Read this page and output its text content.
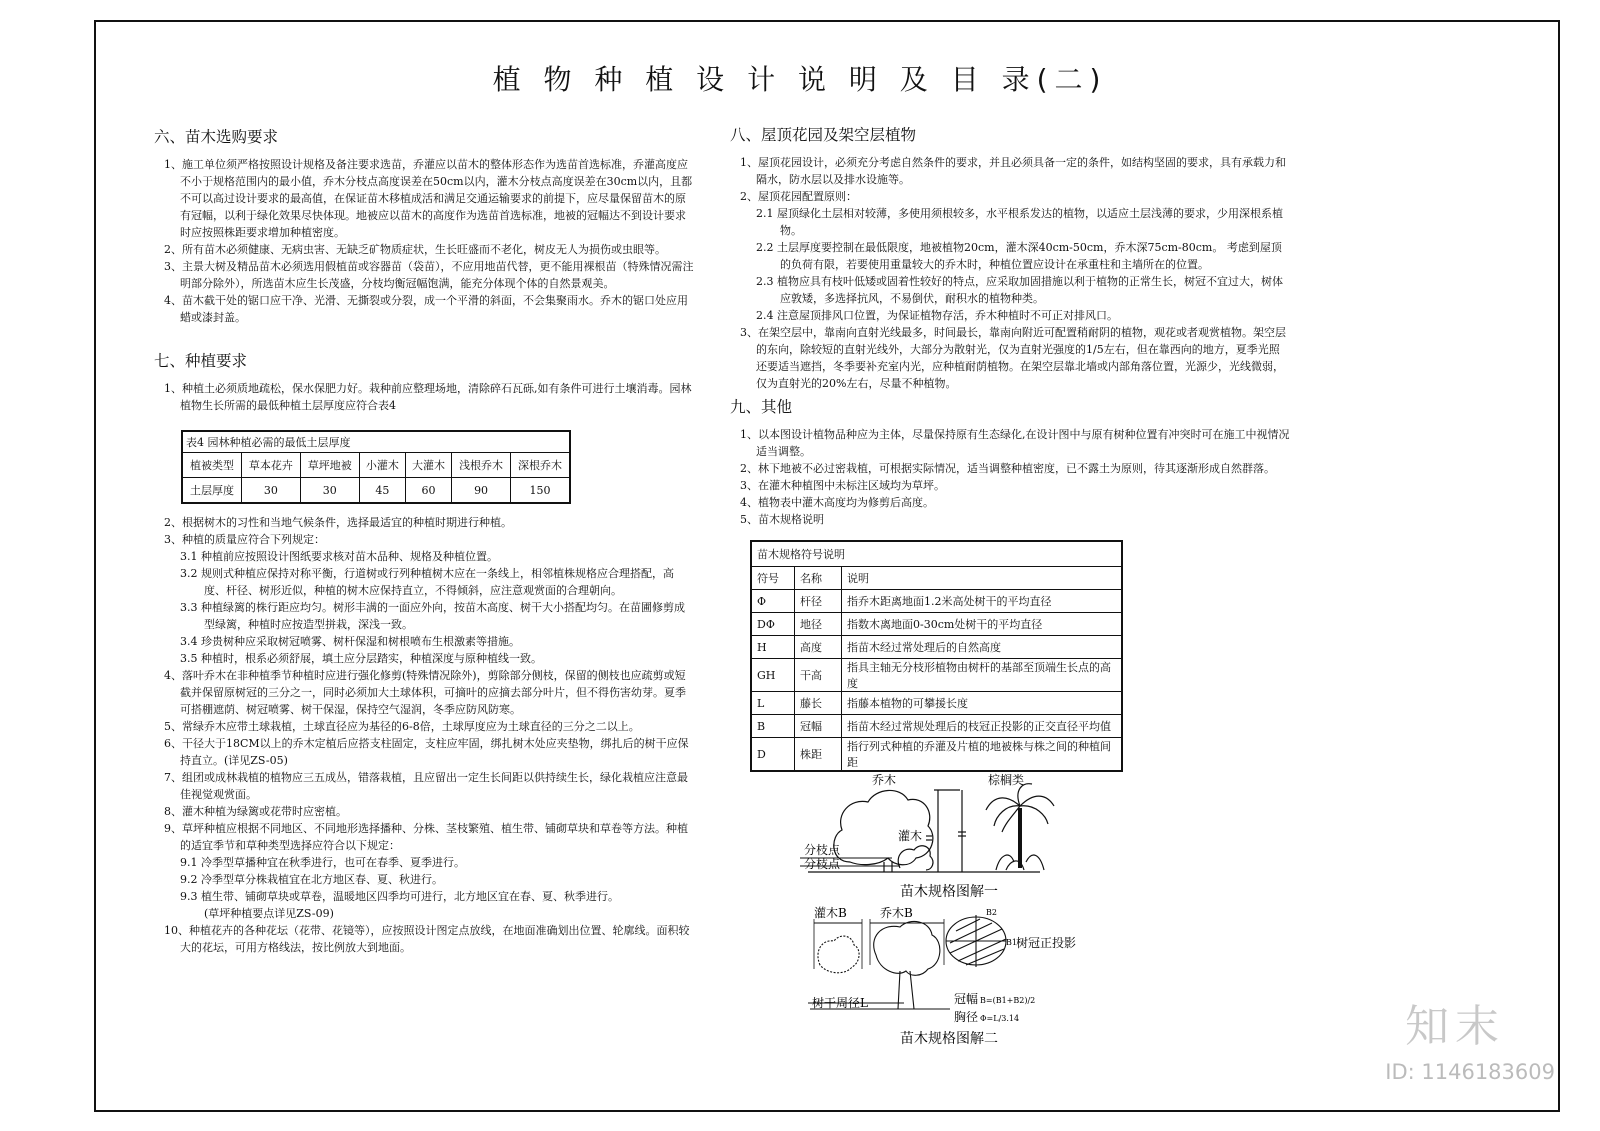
植 物 种 植 设 计 说 明 及 目 录(二)
六、苗木选购要求

1、施工单位须严格按照设计规格及备注要求选苗，乔灌应以苗木的整体形态作为选苗首选标准，乔灌高度应不小于规格范围内的最小值，乔木分枝点高度误差在50cm以内，灌木分枝点高度误差在30cm以内，且都不可以高过设计要求的最高值，在保证苗木移植成活和满足交通运输要求的前提下，应尽量保留苗木的原有冠幅，以利于绿化效果尽快体现。地被应以苗木的高度作为选苗首选标准，地被的冠幅达不到设计要求时应按照株距要求增加种植密度。

2、所有苗木必须健康、无病虫害、无缺乏矿物质症状，生长旺盛而不老化，树皮无人为损伤或虫眼等。

3、主景大树及精品苗木必须选用假植苗或容器苗（袋苗），不应用地苗代替，更不能用裸根苗（特殊情况需注明部分除外），所选苗木应生长茂盛，分枝均衡冠幅饱满，能充分体现个体的自然景观美。

4、苗木截干处的锯口应干净、光滑、无撕裂或分裂，成一个平滑的斜面，不会集聚雨水。乔木的锯口处应用蜡或漆封盖。

七、种植要求

1、种植土必须质地疏松，保水保肥力好。栽种前应整理场地，清除碎石瓦砾,如有条件可进行土壤消毒。园林植物生长所需的最低种植土层厚度应符合表4

表4 园林种植必需的最低土层厚度						
植被类型	草本花卉	草坪地被	小灌木	大灌木	浅根乔木	深根乔木
土层厚度	30	30	45	60	90	150

2、根据树木的习性和当地气候条件，选择最适宜的种植时期进行种植。

3、种植的质量应符合下列规定：

3.1 种植前应按照设计图纸要求核对苗木品种、规格及种植位置。

3.2 规则式种植应保持对称平衡，行道树或行列种植树木应在一条线上，相邻植株规格应合理搭配，高度、杆径、树形近似，种植的树木应保持直立，不得倾斜，应注意观赏面的合理朝向。

3.3 种植绿篱的株行距应均匀。树形丰满的一面应外向，按苗木高度、树干大小搭配均匀。在苗圃修剪成型绿篱，种植时应按造型拼栽，深浅一致。

3.4 珍贵树种应采取树冠喷雾、树杆保湿和树根喷布生根激素等措施。

3.5 种植时，根系必须舒展，填土应分层踏实，种植深度与原种植线一致。

4、落叶乔木在非种植季节种植时应进行强化修剪(特殊情况除外)，剪除部分侧枝，保留的侧枝也应疏剪或短截并保留原树冠的三分之一，同时必须加大土球体积，可摘叶的应摘去部分叶片，但不得伤害幼芽。夏季可搭棚遮荫、树冠喷雾、树干保湿，保持空气湿润，冬季应防风防寒。

5、常绿乔木应带土球栽植，土球直径应为基径的6-8倍，土球厚度应为土球直径的三分之二以上。

6、干径大于18CM以上的乔木定植后应搭支柱固定，支柱应牢固，绑扎树木处应夹垫物，绑扎后的树干应保持直立。(详见ZS-05)

7、组团或成林栽植的植物应三五成丛，错落栽植，且应留出一定生长间距以供持续生长，绿化栽植应注意最佳视觉观赏面。

8、灌木种植为绿篱或花带时应密植。

9、草坪种植应根据不同地区、不同地形选择播种、分株、茎枝繁殖、植生带、铺砌草块和草卷等方法。种植的适宜季节和草种类型选择应符合以下规定：

9.1 冷季型草播种宜在秋季进行，也可在春季、夏季进行。

9.2 冷季型草分株栽植宜在北方地区春、夏、秋进行。

9.3 植生带、铺砌草块或草卷，温暖地区四季均可进行，北方地区宜在春、夏、秋季进行。

(草坪种植要点详见ZS-09)

10、种植花卉的各种花坛（花带、花镜等），应按照设计图定点放线，在地面准确划出位置、轮廓线。面积较大的花坛，可用方格线法，按比例放大到地面。

八、屋顶花园及架空层植物

1、屋顶花园设计，必须充分考虑自然条件的要求，并且必须具备一定的条件，如结构坚固的要求，具有承载力和隔水，防水层以及排水设施等。

2、屋顶花园配置原则：

2.1 屋顶绿化土层相对较薄，多使用须根较多，水平根系发达的植物，以适应土层浅薄的要求，少用深根系植物。

2.2 土层厚度要控制在最低限度，地被植物20cm，灌木深40cm-50cm，乔木深75cm-80cm。 考虑到屋顶的负荷有限，若要使用重量较大的乔木时，种植位置应设计在承重柱和主墙所在的位置。

2.3 植物应具有枝叶低矮或固着性较好的特点，应采取加固措施以利于植物的正常生长，树冠不宜过大，树体应敦矮，多选择抗风，不易倒伏，耐积水的植物种类。

2.4 注意屋顶排风口位置，为保证植物存活，乔木种植时不可正对排风口。

3、在架空层中，靠南向直射光线最多，时间最长，靠南向附近可配置稍耐阴的植物，观花或者观赏植物。架空层的东向，除较短的直射光线外，大部分为散射光，仅为直射光强度的1/5左右，但在靠西向的地方，夏季光照还要适当遮挡，冬季要补充室内光，应种植耐荫植物。在架空层靠北墙或内部角落位置，光源少，光线微弱，仅为直射光的20%左右，尽量不种植物。

九、其他

1、以本图设计植物品种应为主体，尽量保持原有生态绿化,在设计图中与原有树种位置有冲突时可在施工中视情况适当调整。

2、林下地被不必过密栽植，可根据实际情况，适当调整种植密度，已不露土为原则，待其逐渐形成自然群落。

3、在灌木种植图中未标注区域均为草坪。

4、植物表中灌木高度均为修剪后高度。

5、苗木规格说明

苗木规格符号说明		
符号	名称	说明
Φ	杆径	指乔木距离地面1.2米高处树干的平均直径
DΦ	地径	指数木离地面0-30cm处树干的平均直径
H	高度	指苗木经过常处理后的自然高度
GH	干高	指具主轴无分枝形植物由树杆的基部至顶端生长点的高度
L	藤长	指藤本植物的可攀援长度
B	冠幅	指苗木经过常规处理后的枝冠正投影的正交直径平均值
D	株距	指行列式种植的乔灌及片植的地被株与株之间的种植间距
乔木	棕榈类
灌木
分枝点
分枝点
苗木规格图解一
灌木B	乔木B	B2
B1 树冠正投影
树干周径L	冠幅 B=(B1+B2)/2
胸径 Φ=L/3.14
苗木规格图解二	知末
ID: 1146183609
